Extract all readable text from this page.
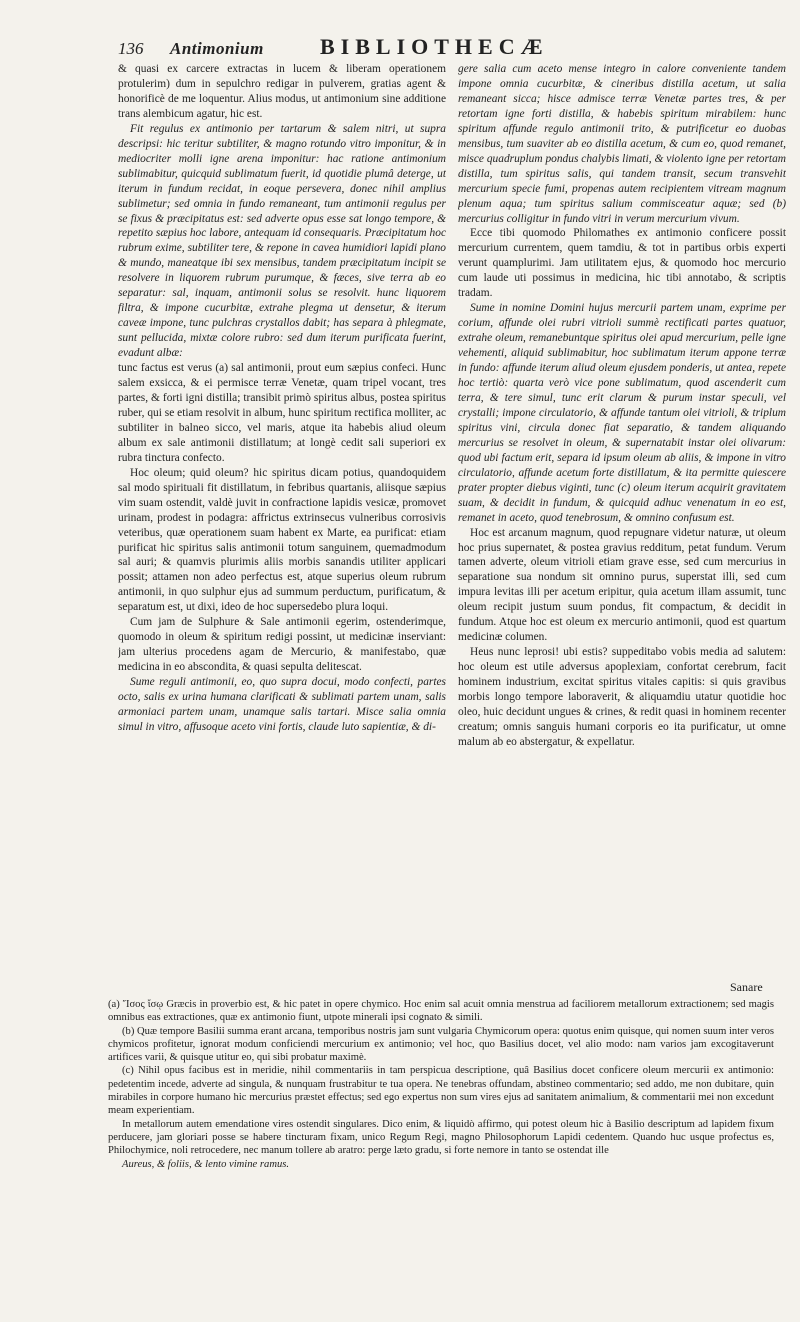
136	Antimonium	BIBLIOTHECÆ

& quasi ex carcere extractas in lucem & liberam operationem protulerim) dum in sepulchro redigar in pulverem, gratias agent & honorificè de me loquentur. Alius modus, ut antimonium sine additione trans alembicum agatur, hic est.

Fit regulus ex antimonio per tartarum & salem nitri, ut supra descripsi: hic teritur subtiliter, & magno rotundo vitro imponitur, & in mediocriter molli igne arena imponitur: hac ratione antimonium sublimabitur, quicquid sublimatum fuerit, id quotidie plumâ deterge, ut iterum in fundum recidat, in eoque persevera, donec nihil amplius sublimetur; sed omnia in fundo remaneant, tum antimonii regulus per se fixus & præcipitatus est: sed adverte opus esse sat longo tempore, & repetito sæpius hoc labore, antequam id consequaris. Præcipitatum hoc rubrum exime, subtiliter tere, & repone in cavea humidiori lapidi plano & mundo, maneatque ibi sex mensibus, tandem præcipitatum incipit se resolvere in liquorem rubrum purumque, & fæces, sive terra ab eo separatur: sal, inquam, antimonii solus se resolvit. hunc liquorem filtra, & impone cucurbitæ, extrahe plegma ut densetur, & iterum caveæ impone, tunc pulchras crystallos dabit; has separa à phlegmate, sunt pellucida, mixtæ colore rubro: sed dum iterum purificata fuerint, evadunt albæ:

tunc factus est verus (a) sal antimonii, prout eum sæpius confeci. Hunc salem exsicca, & ei permisce terræ Venetæ, quam tripel vocant, tres partes, & forti igni distilla; transibit primò spiritus albus, postea spiritus ruber, qui se etiam resolvit in album, hunc spiritum rectifica molliter, ac subtiliter in balneo sicco, vel maris, atque ita habebis aliud oleum album ex sale antimonii distillatum; at longè cedit sali superiori ex rubra tinctura confecto.

Hoc oleum; quid oleum? hic spiritus dicam potius, quandoquidem sal modo spirituali fit distillatum, in febribus quartanis, aliisque sæpius vim suam ostendit, valdè juvit in confractione lapidis vesicæ, promovet urinam, prodest in podagra: affrictus extrinsecus vulneribus corrosivis veteribus, quæ operationem suam habent ex Marte, ea purificat: etiam purificat hic spiritus salis antimonii totum sanguinem, quemadmodum sal auri; & quamvis plurimis aliis morbis sanandis utiliter applicari possit; attamen non adeo perfectus est, atque superius oleum rubrum antimonii, in quo sulphur ejus ad summum perductum, purificatum, & separatum est, ut dixi, ideo de hoc supersedebo plura loqui.

Cum jam de Sulphure & Sale antimonii egerim, ostenderimque, quomodo in oleum & spiritum redigi possint, ut medicinæ inserviant: jam ulterius procedens agam de Mercurio, & manifestabo, quæ medicina in eo abscondita, & quasi sepulta delitescat.

Sume reguli antimonii, eo, quo supra docui, modo confecti, partes octo, salis ex urina humana clarificati & sublimati partem unam, salis armoniaci partem unam, unamque salis tartari. Misce salia omnia simul in vitro, affusoque aceto vini fortis, claude luto sapientiæ, & di-

gere salia cum aceto mense integro in calore conveniente tandem impone omnia cucurbitæ, & cineribus distilla acetum, ut salia remaneant sicca; hisce admisce terræ Venetæ partes tres, & per retortam igne forti distilla, & habebis spiritum mirabilem: hunc spiritum affunde regulo antimonii trito, & putrificetur eo duobas mensibus, tum suaviter ab eo distilla acetum, & cum eo, quod remanet, misce quadruplum pondus chalybis limati, & violento igne per retortam distilla, tum spiritus salis, qui tandem transit, secum transvehit mercurium specie fumi, propenas autem recipientem vitream magnum plenum aqua; tum spiritus salium commisceatur aquæ; sed (b) mercurius colligitur in fundo vitri in verum mercurium vivum.

Ecce tibi quomodo Philomathes ex antimonio conficere possit mercurium currentem, quem tamdiu, & tot in partibus orbis experti verunt quamplurimi. Jam utilitatem ejus, & quomodo hoc mercurio cum laude uti possimus in medicina, hic tibi annotabo, & scriptis tradam.

Sume in nomine Domini hujus mercurii partem unam, exprime per corium, affunde olei rubri vitrioli summè rectificati partes quatuor, extrahe oleum, remanebuntque spiritus olei apud mercurium, pelle igne vehementi, aliquid sublimabitur, hoc sublimatum iterum appone terræ in fundo: affunde iterum aliud oleum ejusdem ponderis, ut antea, repete hoc tertiò: quarta verò vice pone sublimatum, quod ascenderit cum terra, & tere simul, tunc erit clarum & purum instar speculi, vel crystalli; impone circulatorio, & affunde tantum olei vitrioli, & triplum spiritus vini, circula donec fiat separatio, & tandem aliquando mercurius se resolvet in oleum, & supernatabit instar olei olivarum: quod ubi factum erit, separa id ipsum oleum ab aliis, & impone in vitro circulatorio, affunde acetum forte distillatum, & ita permitte quiescere prater propter diebus viginti, tunc (c) oleum iterum acquirit gravitatem suam, & decidit in fundum, & quicquid adhuc venenatum in eo est, remanet in aceto, quod tenebrosum, & omnino confusum est.

Hoc est arcanum magnum, quod repugnare videtur naturæ, ut oleum hoc prius supernatet, & postea gravius redditum, petat fundum. Verum tamen adverte, oleum vitrioli etiam grave esse, sed cum mercurius in separatione sua nondum sit omnino purus, superstat illi, sed cum impura levitas illi per acetum eripitur, quia acetum illam assumit, tunc oleum recipit justum suum pondus, fit compactum, & decidit in fundum. Atque hoc est oleum ex mercurio antimonii, quod est quartum medicinæ columen.

Heus nunc leprosi! ubi estis? suppeditabo vobis media ad salutem: hoc oleum est utile adversus apoplexiam, confortat cerebrum, facit hominem industrium, excitat spiritus vitales capitis: si quis gravibus morbis longo tempore laboraverit, & aliquamdiu utatur quotidie hoc oleo, huic decidunt ungues & crines, & redit quasi in hominem recenter creatum; omnis sanguis humani corporis eo ita purificatur, ut omne malum ab eo abstergatur, & expellatur.

Sanare

(a) Ἴσος ἴσῳ Græcis in proverbio est, & hic patet in opere chymico. Hoc enim sal acuit omnia menstrua ad faciliorem metallorum extractionem; sed magis omnibus eas extractiones, quæ ex antimonio fiunt, utpote minerali ipsi cognato & simili.

(b) Quæ tempore Basilii summa erant arcana, temporibus nostris jam sunt vulgaria Chymicorum opera: quotus enim quisque, qui nomen suum inter veros chymicos profitetur, ignorat modum conficiendi mercurium ex antimonio; vel hoc, quo Basilius docet, vel alio modo: nam varios jam excogitaverunt artifices varii, & quisque utitur eo, qui sibi probatur maximè.

(c) Nihil opus facibus est in meridie, nihil commentariis in tam perspicua descriptione, quâ Basilius docet conficere oleum mercurii ex antimonio: pedetentim incede, adverte ad singula, & nunquam frustrabitur te tua opera. Ne tenebras offundam, abstineo commentario; sed addo, me non dubitare, quin mirabiles in corpore humano hic mercurius præstet effectus; sed ego expertus non sum vires ejus ad sanitatem animalium, & commentarii mei non excedunt meam experientiam.

In metallorum autem emendatione vires ostendit singulares. Dico enim, & liquidò affirmo, qui potest oleum hic à Basilio descriptum ad lapidem fixum perducere, jam gloriari posse se habere tincturam fixam, unico Regum Regi, magno Philosophorum Lapidi cedentem. Quando huc usque profectus es, Philochymice, noli retrocedere, nec manum tollere ab aratro: perge læto gradu, si forte nemore in tanto se ostendat ille

Aureus, & foliis, & lento vimine ramus.
